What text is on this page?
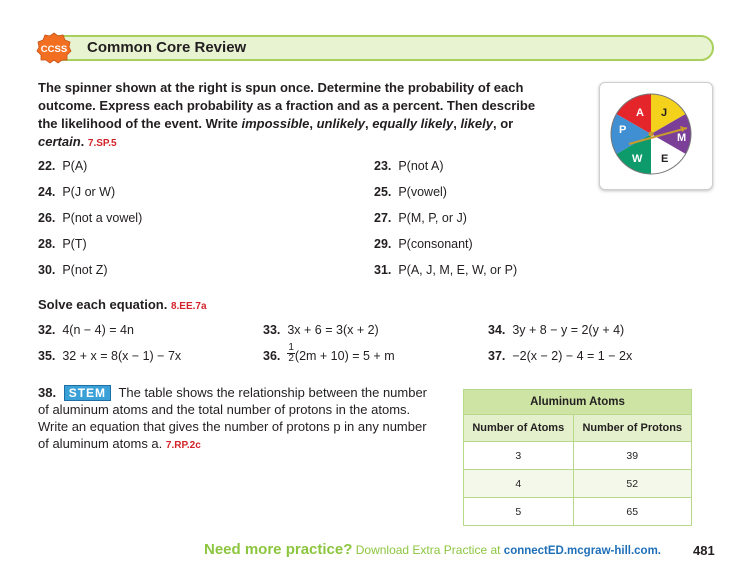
CCSS Common Core Review
The spinner shown at the right is spun once. Determine the probability of each outcome. Express each probability as a fraction and as a percent. Then describe the likelihood of the event. Write impossible, unlikely, equally likely, likely, or certain. 7.SP.5
A J
M
E
W
P
22. P(A)	23. P(not A)
24. P(J or W)	25. P(vowel)
26. P(not a vowel)	27. P(M, P, or J)
28. P(T)	29. P(consonant)
30. P(not Z)	31. P(A, J, M, E, W, or P)
Solve each equation. 8.EE.7a
32. 4(n − 4) = 4n	33. 3x + 6 = 3(x + 2)	34. 3y + 8 − y = 2(y + 4)
35. 32 + x = 8(x − 1) − 7x	36. $\frac{1}{2} (2m + 10) = 5 + m$	37. −2(x − 2) − 4 = 1 − 2x
38. STEM The table shows the relationship between the number of aluminum atoms and the total number of protons in the atoms. Write an equation that gives the number of protons p in any number of aluminum atoms a. 7.RP.2c
Aluminum Atoms	
Number of Atoms	Number of Protons
3	39
4	52
5	65
Need more practice? Download Extra Practice at connectED.mcgraw-hill.com. 481
